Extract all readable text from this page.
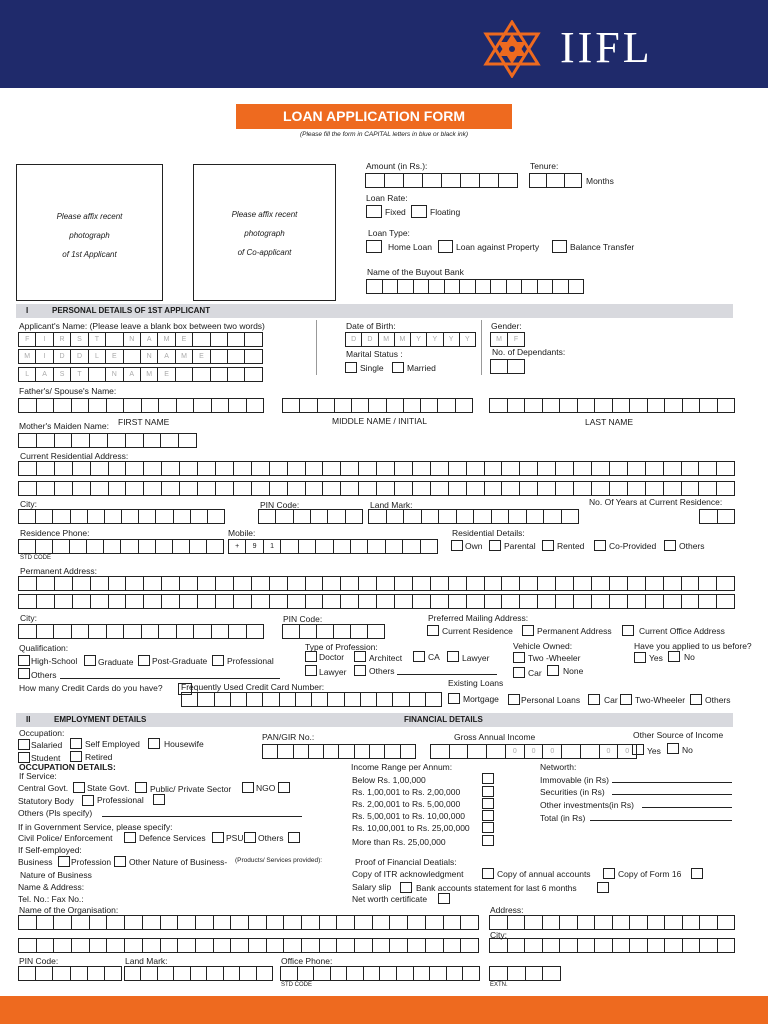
IIFL
LOAN APPLICATION FORM
(Please fill the form in CAPITAL letters in blue or black ink)
Please affix recent
photograph
of 1st Applicant
Please affix recent
photograph
of Co-applicant
Amount (in Rs.):	Tenure:
Months
Loan Rate:
Fixed	Floating
Loan Type:
Home Loan	Loan against Property	Balance Transfer
Name of the Buyout Bank
I	PERSONAL DETAILS OF 1ST APPLICANT
Applicant's Name: (Please leave a blank box between two words)
F	I	R	S	T	N	A	M	E
M	I	D	D	L	E	N	A	M	E
L	A	S	T	N	A	M	E
Date of Birth:
D	D	M	M	Y	Y	Y	Y
Gender:
M	F
Marital Status :
Single	Married
No. of Dependants:
Father's/ Spouse's Name:
FIRST NAME	MIDDLE NAME / INITIAL	LAST NAME
Mother's Maiden Name:
Current Residential Address:
City:	PIN Code:	Land Mark:	No. Of Years at Current Residence:
Residence Phone:
STD CODE
Mobile:
+	9	1
Residential Details:
Own	Parental	Rented	Co-Provided	Others
Permanent Address:
City:	PIN Code:	Preferred Mailing Address:
Current Residence	Permanent Address	Current Office Address
Qualification:
High-School Graduate Post-Graduate Professional
Others
Type of Profession:
Doctor	Architect	CA	Lawyer
Lawyer	Others
Vehicle Owned:
Two -Wheeler
Car	None
Have you applied to us before?
Yes No
How many Credit Cards do you have? Frequently Used Credit Card Number:	Existing Loans
Mortgage	Personal Loans	Car Two-Wheeler Others
II	EMPLOYMENT DETAILS	FINANCIAL DETAILS
Occupation:
Salaried	Self Employed	Housewife
Student	Retired
PAN/GIR No.:	Gross Annual Income
0	0	0	0	0
Other Source of Income
Yes No
OCCUPATION DETAILS:
If Service:
Central Govt. State Govt. Public/ Private Sector	NGO
Statutory Body	Professional
Others (Pls specify)
If in Government Service, please specify:
Civil Police/ Enforcement	Defence Services PSU Others
If Self-employed:
Business Profession Other Nature of Business- (Products/ Services provided):
Nature of Business
Name & Address:
Tel. No.: Fax No.:
Name of the Organisation:
Income Range per Annum:
Below Rs. 1,00,000
Rs. 1,00,001 to Rs. 2,00,000
Rs. 2,00,001 to Rs. 5,00,000
Rs. 5,00,001 to Rs. 10,00,000
Rs. 10,00,001 to Rs. 25,00,000
More than Rs. 25,00,000
Networth:
Immovable (in Rs)
Securities (in Rs)
Other investments(in Rs)
Total (in Rs)
Proof of Financial Deatials:
Copy of ITR acknowledgment	Copy of annual accounts	Copy of Form 16
Salary slip	Bank accounts statement for last 6 months
Net worth certificate
Address:
City:
PIN Code:	Land Mark:	Office Phone:
STD CODE	EXTN.
